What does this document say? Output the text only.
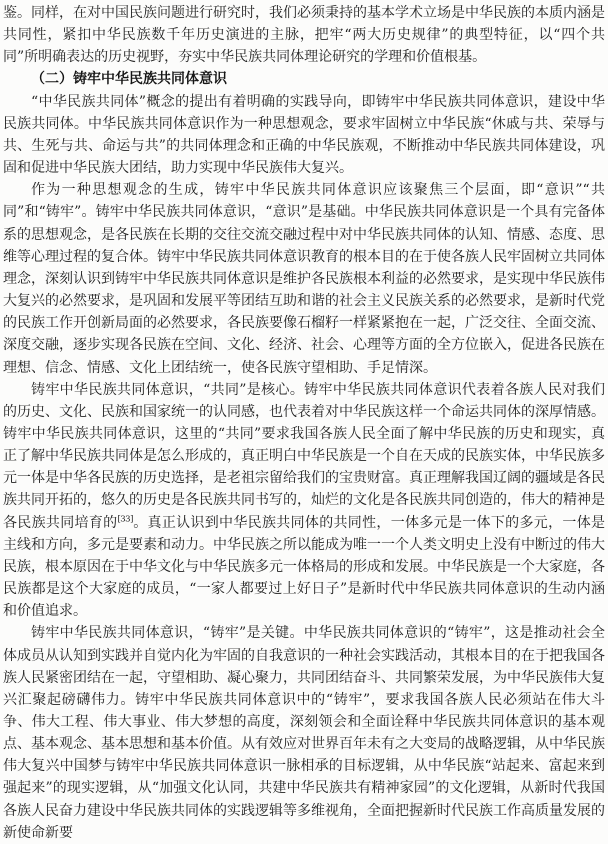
鉴。同样，在对中国民族问题进行研究时，我们必须秉持的基本学术立场是中华民族的本质内涵是共同性，紧扣中华民族数千年历史演进的主脉，把牢“两大历史规律”的典型特征，以“四个共同”所明确表达的历史视野，夯实中华民族共同体理论研究的学理和价值根基。

（二）铸牢中华民族共同体意识

“中华民族共同体”概念的提出有着明确的实践导向，即铸牢中华民族共同体意识，建设中华民族共同体。中华民族共同体意识作为一种思想观念，要求牢固树立中华民族“休戚与共、荣辱与共、生死与共、命运与共”的共同体理念和正确的中华民族观，不断推动中华民族共同体建设，巩固和促进中华民族大团结，助力实现中华民族伟大复兴。

作为一种思想观念的生成，铸牢中华民族共同体意识应该聚焦三个层面，即“意识”“共同”和“铸牢”。铸牢中华民族共同体意识，“意识”是基础。中华民族共同体意识是一个具有完备体系的思想观念，是各民族在长期的交往交流交融过程中对中华民族共同体的认知、情感、态度、思维等心理过程的复合体。铸牢中华民族共同体意识教育的根本目的在于使各族人民牢固树立共同体理念，深刻认识到铸牢中华民族共同体意识是维护各民族根本利益的必然要求，是实现中华民族伟大复兴的必然要求，是巩固和发展平等团结互助和谐的社会主义民族关系的必然要求，是新时代党的民族工作开创新局面的必然要求，各民族要像石榴籽一样紧紧抱在一起，广泛交往、全面交流、深度交融，逐步实现各民族在空间、文化、经济、社会、心理等方面的全方位嵌入，促进各民族在理想、信念、情感、文化上团结统一，使各民族守望相助、手足情深。

铸牢中华民族共同体意识，“共同”是核心。铸牢中华民族共同体意识代表着各族人民对我们的历史、文化、民族和国家统一的认同感，也代表着对中华民族这样一个命运共同体的深厚情感。铸牢中华民族共同体意识，这里的“共同”要求我国各族人民全面了解中华民族的历史和现实，真正了解中华民族共同体是怎么形成的，真正明白中华民族是一个自在天成的民族实体，中华民族多元一体是中华各民族的历史选择，是老祖宗留给我们的宝贵财富。真正理解我国辽阔的疆域是各民族共同开拓的，悠久的历史是各民族共同书写的，灿烂的文化是各民族共同创造的，伟大的精神是各民族共同培育的[33]。真正认识到中华民族共同体的共同性，一体多元是一体下的多元，一体是主线和方向，多元是要素和动力。中华民族之所以能成为唯一一个人类文明史上没有中断过的伟大民族，根本原因在于中华文化与中华民族多元一体格局的形成和发展。中华民族是一个大家庭，各民族都是这个大家庭的成员，“一家人都要过上好日子”是新时代中华民族共同体意识的生动内涵和价值追求。

铸牢中华民族共同体意识，“铸牢”是关键。中华民族共同体意识的“铸牢”，这是推动社会全体成员从认知到实践并自觉内化为牢固的自我意识的一种社会实践活动，其根本目的在于把我国各族人民紧密团结在一起，守望相助、凝心聚力，共同团结奋斗、共同繁荣发展，为中华民族伟大复兴汇聚起磅礴伟力。铸牢中华民族共同体意识中的“铸牢”，要求我国各族人民必须站在伟大斗争、伟大工程、伟大事业、伟大梦想的高度，深刻领会和全面诠释中华民族共同体意识的基本观点、基本观念、基本思想和基本价值。从有效应对世界百年未有之大变局的战略逻辑，从中华民族伟大复兴中国梦与铸牢中华民族共同体意识一脉相承的目标逻辑，从中华民族“站起来、富起来到强起来”的现实逻辑，从“加强文化认同，共建中华民族共有精神家园”的文化逻辑，从新时代我国各族人民奋力建设中华民族共同体的实践逻辑等多维视角，全面把握新时代民族工作高质量发展的新使命新要
